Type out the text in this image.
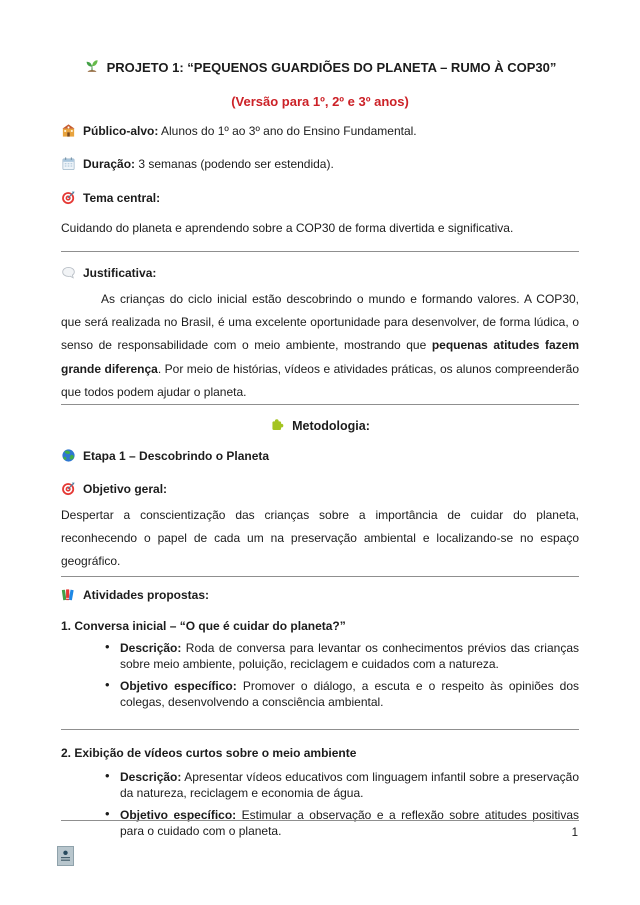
PROJETO 1: “PEQUENOS GUARDIÕES DO PLANETA – RUMO À COP30”
(Versão para 1º, 2º e 3º anos)

Público-alvo: Alunos do 1º ao 3º ano do Ensino Fundamental.

Duração: 3 semanas (podendo ser estendida).

Tema central:

Cuidando do planeta e aprendendo sobre a COP30 de forma divertida e significativa.

Justificativa:

As crianças do ciclo inicial estão descobrindo o mundo e formando valores. A COP30, que será realizada no Brasil, é uma excelente oportunidade para desenvolver, de forma lúdica, o senso de responsabilidade com o meio ambiente, mostrando que pequenas atitudes fazem grande diferença. Por meio de histórias, vídeos e atividades práticas, os alunos compreenderão que todos podem ajudar o planeta.

Metodologia:

Etapa 1 – Descobrindo o Planeta

Objetivo geral:

Despertar a conscientização das crianças sobre a importância de cuidar do planeta, reconhecendo o papel de cada um na preservação ambiental e localizando-se no espaço geográfico.

Atividades propostas:

1. Conversa inicial – “O que é cuidar do planeta?”

• Descrição: Roda de conversa para levantar os conhecimentos prévios das crianças sobre meio ambiente, poluição, reciclagem e cuidados com a natureza.
• Objetivo específico: Promover o diálogo, a escuta e o respeito às opiniões dos colegas, desenvolvendo a consciência ambiental.

2. Exibição de vídeos curtos sobre o meio ambiente

• Descrição: Apresentar vídeos educativos com linguagem infantil sobre a preservação da natureza, reciclagem e economia de água.
• Objetivo específico: Estimular a observação e a reflexão sobre atitudes positivas para o cuidado com o planeta.	1
